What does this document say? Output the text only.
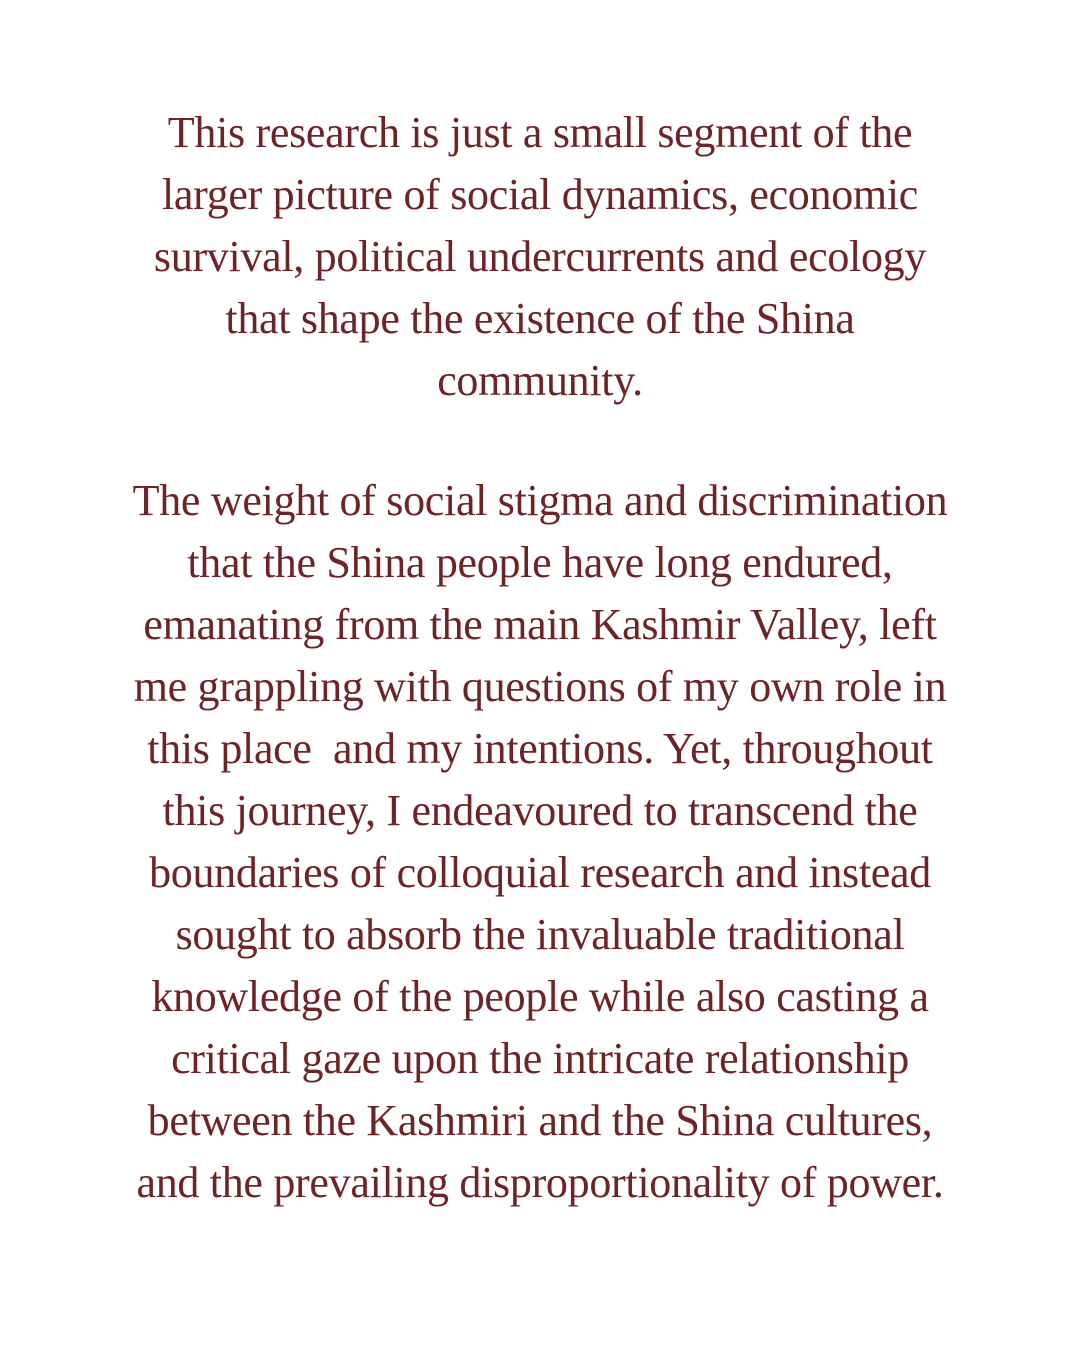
This research is just a small segment of the
larger picture of social dynamics, economic
survival, political undercurrents and ecology
that shape the existence of the Shina
community.
The weight of social stigma and discrimination
that the Shina people have long endured,
emanating from the main Kashmir Valley, left
me grappling with questions of my own role in
this place  and my intentions. Yet, throughout
this journey, I endeavoured to transcend the
boundaries of colloquial research and instead
sought to absorb the invaluable traditional
knowledge of the people while also casting a
critical gaze upon the intricate relationship
between the Kashmiri and the Shina cultures,
and the prevailing disproportionality of power.
